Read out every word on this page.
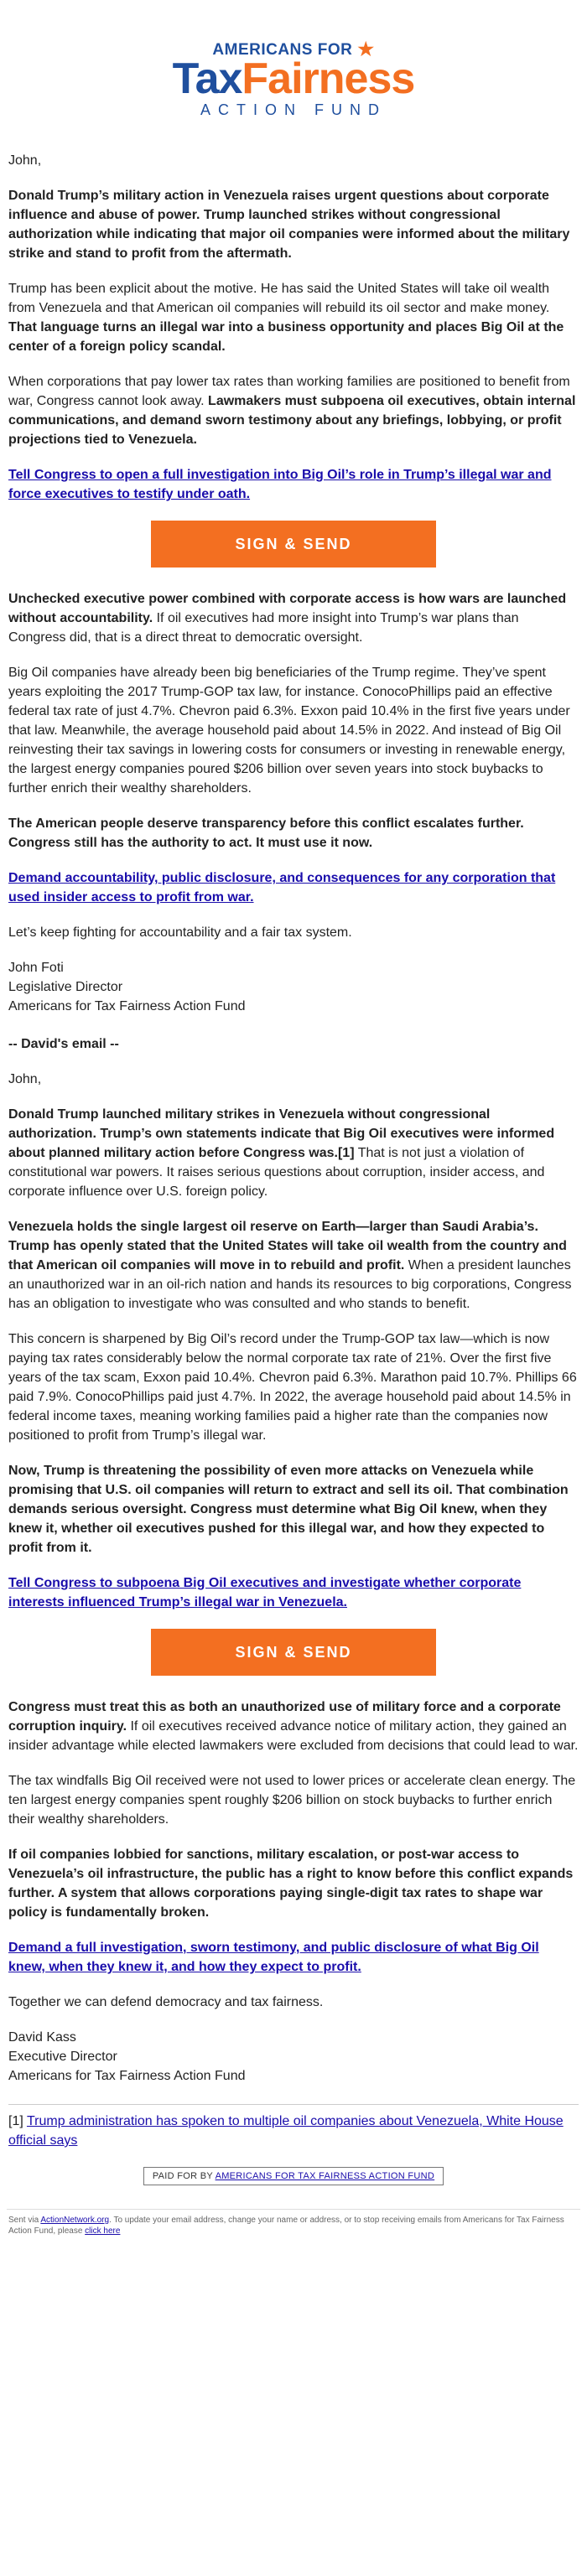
AMERICANS FOR ★
TaxFairness
ACTION FUND

John,

Donald Trump’s military action in Venezuela raises urgent questions about corporate influence and abuse of power. Trump launched strikes without congressional authorization while indicating that major oil companies were informed about the military strike and stand to profit from the aftermath.

Trump has been explicit about the motive. He has said the United States will take oil wealth from Venezuela and that American oil companies will rebuild its oil sector and make money. That language turns an illegal war into a business opportunity and places Big Oil at the center of a foreign policy scandal.

When corporations that pay lower tax rates than working families are positioned to benefit from war, Congress cannot look away. Lawmakers must subpoena oil executives, obtain internal communications, and demand sworn testimony about any briefings, lobbying, or profit projections tied to Venezuela.

Tell Congress to open a full investigation into Big Oil’s role in Trump’s illegal war and force executives to testify under oath.

SIGN & SEND

Unchecked executive power combined with corporate access is how wars are launched without accountability. If oil executives had more insight into Trump’s war plans than Congress did, that is a direct threat to democratic oversight.

Big Oil companies have already been big beneficiaries of the Trump regime. They’ve spent years exploiting the 2017 Trump-GOP tax law, for instance. ConocoPhillips paid an effective federal tax rate of just 4.7%. Chevron paid 6.3%. Exxon paid 10.4% in the first five years under that law. Meanwhile, the average household paid about 14.5% in 2022. And instead of Big Oil reinvesting their tax savings in lowering costs for consumers or investing in renewable energy, the largest energy companies poured $206 billion over seven years into stock buybacks to further enrich their wealthy shareholders.

The American people deserve transparency before this conflict escalates further. Congress still has the authority to act. It must use it now.

Demand accountability, public disclosure, and consequences for any corporation that used insider access to profit from war.

Let’s keep fighting for accountability and a fair tax system.

John Foti

Legislative Director

Americans for Tax Fairness Action Fund

-- David's email --

John,

Donald Trump launched military strikes in Venezuela without congressional authorization. Trump’s own statements indicate that Big Oil executives were informed about planned military action before Congress was.[1] That is not just a violation of constitutional war powers. It raises serious questions about corruption, insider access, and corporate influence over U.S. foreign policy.

Venezuela holds the single largest oil reserve on Earth—larger than Saudi Arabia’s. Trump has openly stated that the United States will take oil wealth from the country and that American oil companies will move in to rebuild and profit. When a president launches an unauthorized war in an oil-rich nation and hands its resources to big corporations, Congress has an obligation to investigate who was consulted and who stands to benefit.

This concern is sharpened by Big Oil’s record under the Trump-GOP tax law—which is now paying tax rates considerably below the normal corporate tax rate of 21%. Over the first five years of the tax scam, Exxon paid 10.4%. Chevron paid 6.3%. Marathon paid 10.7%. Phillips 66 paid 7.9%. ConocoPhillips paid just 4.7%. In 2022, the average household paid about 14.5% in federal income taxes, meaning working families paid a higher rate than the companies now positioned to profit from Trump’s illegal war.

Now, Trump is threatening the possibility of even more attacks on Venezuela while promising that U.S. oil companies will return to extract and sell its oil. That combination demands serious oversight. Congress must determine what Big Oil knew, when they knew it, whether oil executives pushed for this illegal war, and how they expected to profit from it.

Tell Congress to subpoena Big Oil executives and investigate whether corporate interests influenced Trump’s illegal war in Venezuela.

SIGN & SEND

Congress must treat this as both an unauthorized use of military force and a corporate corruption inquiry. If oil executives received advance notice of military action, they gained an insider advantage while elected lawmakers were excluded from decisions that could lead to war.

The tax windfalls Big Oil received were not used to lower prices or accelerate clean energy. The ten largest energy companies spent roughly $206 billion on stock buybacks to further enrich their wealthy shareholders.

If oil companies lobbied for sanctions, military escalation, or post-war access to Venezuela’s oil infrastructure, the public has a right to know before this conflict expands further. A system that allows corporations paying single-digit tax rates to shape war policy is fundamentally broken.

Demand a full investigation, sworn testimony, and public disclosure of what Big Oil knew, when they knew it, and how they expect to profit.

Together we can defend democracy and tax fairness.

David Kass

Executive Director

Americans for Tax Fairness Action Fund

[1] Trump administration has spoken to multiple oil companies about Venezuela, White House official says

PAID FOR BY AMERICANS FOR TAX FAIRNESS ACTION FUND
Sent via ActionNetwork.org. To update your email address, change your name or address, or to stop receiving emails from Americans for Tax Fairness Action Fund, please click here
